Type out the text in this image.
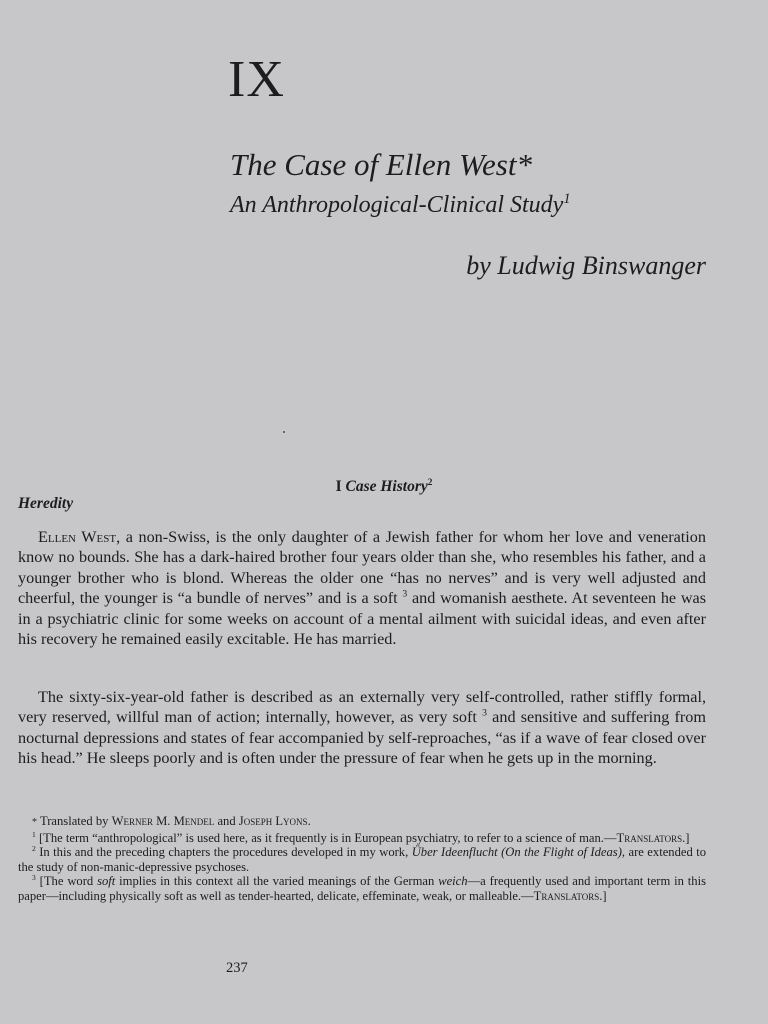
IX
The Case of Ellen West*
An Anthropological-Clinical Study$^1$
by Ludwig Binswanger
I Case History$^2$
Heredity

Ellen West, a non-Swiss, is the only daughter of a Jewish father for whom her love and veneration know no bounds. She has a dark-haired brother four years older than she, who resembles his father, and a younger brother who is blond. Whereas the older one “has no nerves” and is very well adjusted and cheerful, the younger is “a bundle of nerves” and is a soft $^3$ and womanish aesthete. At seventeen he was in a psychiatric clinic for some weeks on account of a mental ailment with suicidal ideas, and even after his recovery he remained easily excitable. He has married.

The sixty-six-year-old father is described as an externally very self-controlled, rather stiffly formal, very reserved, willful man of action; internally, however, as very soft $^3$ and sensitive and suffering from nocturnal depressions and states of fear accompanied by self-reproaches, “as if a wave of fear closed over his head.” He sleeps poorly and is often under the pressure of fear when he gets up in the morning.

* Translated by Werner M. Mendel and Joseph Lyons.

$^1$ [The term “anthropological” is used here, as it frequently is in European psychiatry, to refer to a science of man.—Translators.]

$^2$ In this and the preceding chapters the procedures developed in my work, Über Ideenflucht (On the Flight of Ideas), are extended to the study of non-manic-depressive psychoses.

$^3$ [The word soft implies in this context all the varied meanings of the German weich—a frequently used and important term in this paper—including physically soft as well as tender-hearted, delicate, effeminate, weak, or malleable.—Translators.]

237
